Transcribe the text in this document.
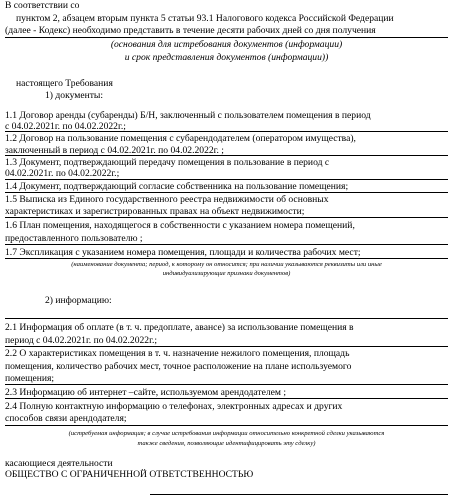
В соответствии со
пунктом 2, абзацем вторым пункта 5 статьи 93.1 Налогового кодекса Российской Федерации
(далее - Кодекс) необходимо представить в течение десяти рабочих дней со дня получения
(основания для истребования документов (информации)
и срок представления документов (информации))
настоящего Требования
1) документы:
1.1 Договор аренды (субаренды) Б/Н, заключенный с пользователем помещения в период
с 04.02.2021г. по 04.02.2022г.;
1.2 Договор на пользование помещения с субарендодателем (оператором имущества),
заключенный в период с 04.02.2021г. по 04.02.2022г. ;
1.3 Документ, подтверждающий передачу помещения в пользование в период с
04.02.2021г. по 04.02.2022г.;
1.4 Документ, подтверждающий согласие собственника на пользование помещения;
1.5 Выписка из Единого государственного реестра недвижимости об основных
характеристиках и зарегистрированных правах на объект недвижимости;
1.6 План помещения, находящегося в собственности с указанием номера помещений,
предоставленного пользователю ;
1.7 Экспликация с указанием номера помещения, площади и количества рабочих мест;
(наименование документа; период, к которому он относится; при наличии указываются реквизиты или иные
индивидуализирующие признаки документов)
2) информацию:
2.1 Информация об оплате (в т. ч. предоплате, авансе) за использование помещения в
период с 04.02.2021г. по 04.02.2022г.;
2.2 О характеристиках помещения в т. ч. назначение нежилого помещения, площадь
помещения, количество рабочих мест, точное расположение на плане используемого
помещения;
2.3 Информацию об интернет –сайте, используемом арендодателем ;
2.4 Полную контактную информацию о телефонах, электронных адресах и других
способов связи арендодателя;
(истребуемая информация; в случае истребования информации относительно конкретной сделки указываются
также сведения, позволяющие идентифицировать эту сделку)
касающиеся деятельности
ОБЩЕСТВО С ОГРАНИЧЕННОЙ ОТВЕТСТВЕННОСТЬЮ
